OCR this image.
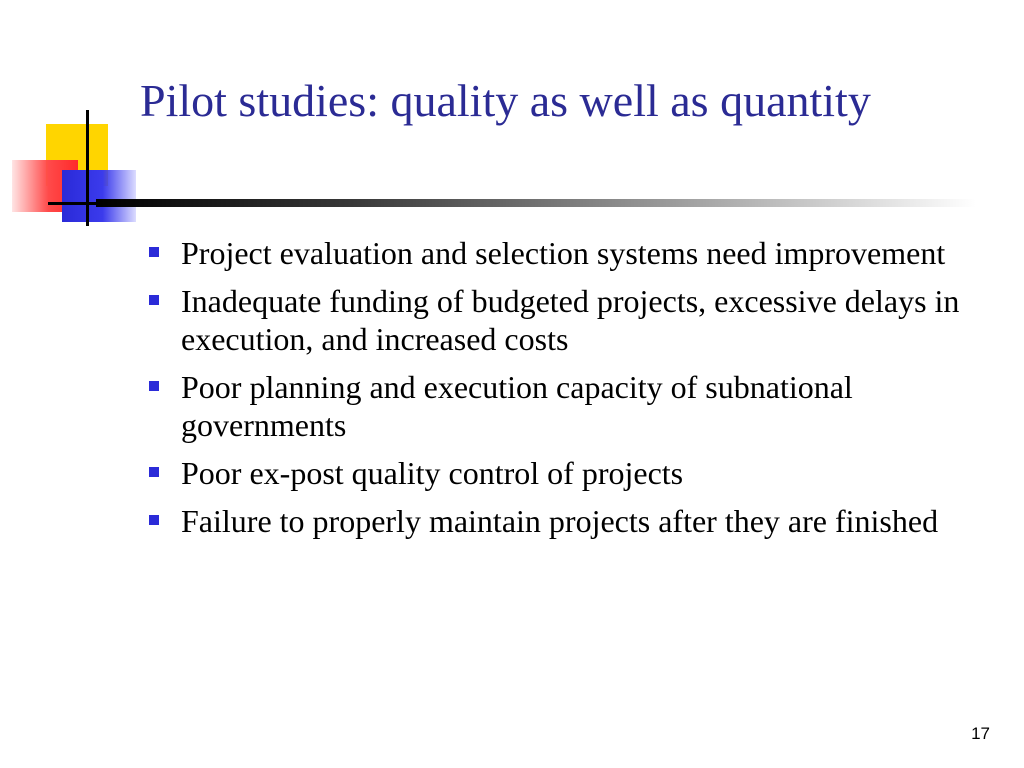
Pilot studies: quality as well as quantity
Project evaluation and selection systems need improvement
Inadequate funding of budgeted projects, excessive delays in execution, and increased costs
Poor planning and execution capacity of subnational governments
Poor ex-post quality control of projects
Failure to properly maintain projects after they are finished
17
